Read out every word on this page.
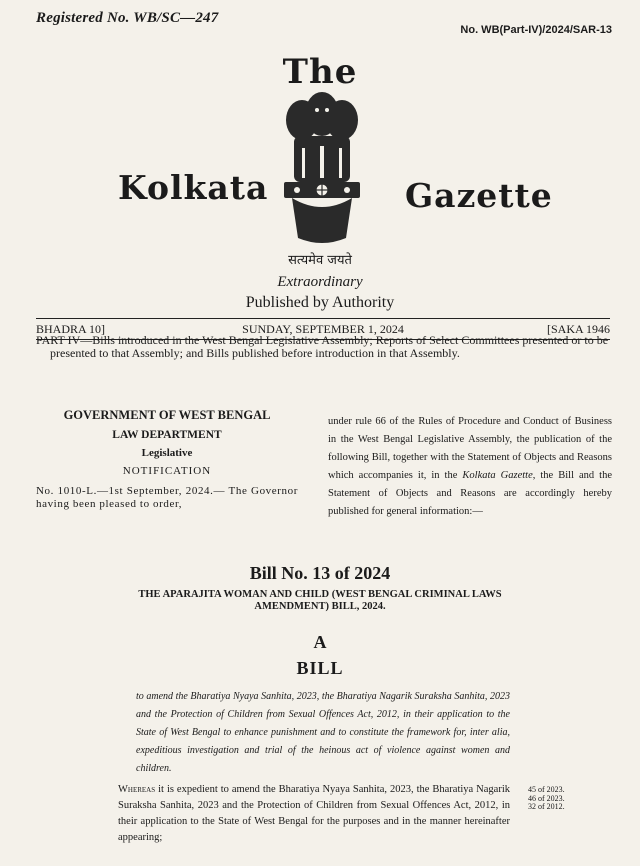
Registered No. WB/SC—247
No. WB(Part-IV)/2024/SAR-13
The
Kolkata	Gazette
सत्यमेव जयते
Extraordinary
Published by Authority
BHADRA 10]	SUNDAY, SEPTEMBER 1, 2024	[SAKA 1946
PART IV—Bills introduced in the West Bengal Legislative Assembly; Reports of Select Committees presented or to be presented to that Assembly; and Bills published before introduction in that Assembly.
GOVERNMENT OF WEST BENGAL
LAW DEPARTMENT
Legislative
NOTIFICATION
No. 1010-L.—1st September, 2024.— The Governor having been pleased to order,
under rule 66 of the Rules of Procedure and Conduct of Business in the West Bengal Legislative Assembly, the publication of the following Bill, together with the Statement of Objects and Reasons which accompanies it, in the Kolkata Gazette, the Bill and the Statement of Objects and Reasons are accordingly hereby published for general information:—
Bill No. 13 of 2024
THE APARAJITA WOMAN AND CHILD (WEST BENGAL CRIMINAL LAWS AMENDMENT) BILL, 2024.
A
BILL
to amend the Bharatiya Nyaya Sanhita, 2023, the Bharatiya Nagarik Suraksha Sanhita, 2023 and the Protection of Children from Sexual Offences Act, 2012, in their application to the State of West Bengal to enhance punishment and to constitute the framework for, inter alia, expeditious investigation and trial of the heinous act of violence against women and children.
Whereas it is expedient to amend the Bharatiya Nyaya Sanhita, 2023, the Bharatiya Nagarik Suraksha Sanhita, 2023 and the Protection of Children from Sexual Offences Act, 2012, in their application to the State of West Bengal for the purposes and in the manner hereinafter appearing;
45 of 2023.
46 of 2023.
32 of 2012.
